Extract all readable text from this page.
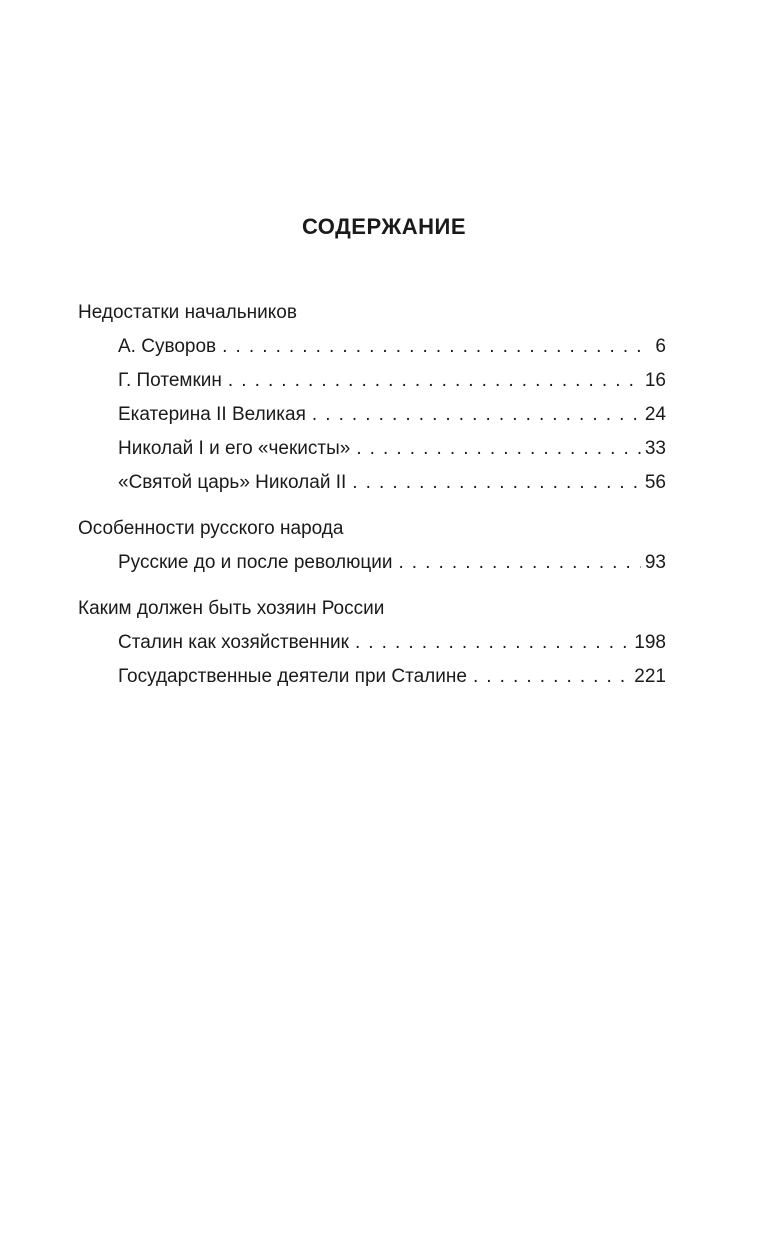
СОДЕРЖАНИЕ
Недостатки начальников
А. Суворов . . .	6
Г. Потемкин . . .	16
Екатерина II Великая . . .	24
Николай I и его «чекисты» . . .	33
«Святой царь» Николай II . . .	56
Особенности русского народа
Русские до и после революции . . .	93
Каким должен быть хозяин России
Сталин как хозяйственник . . .	198
Государственные деятели при Сталине . . .	221
